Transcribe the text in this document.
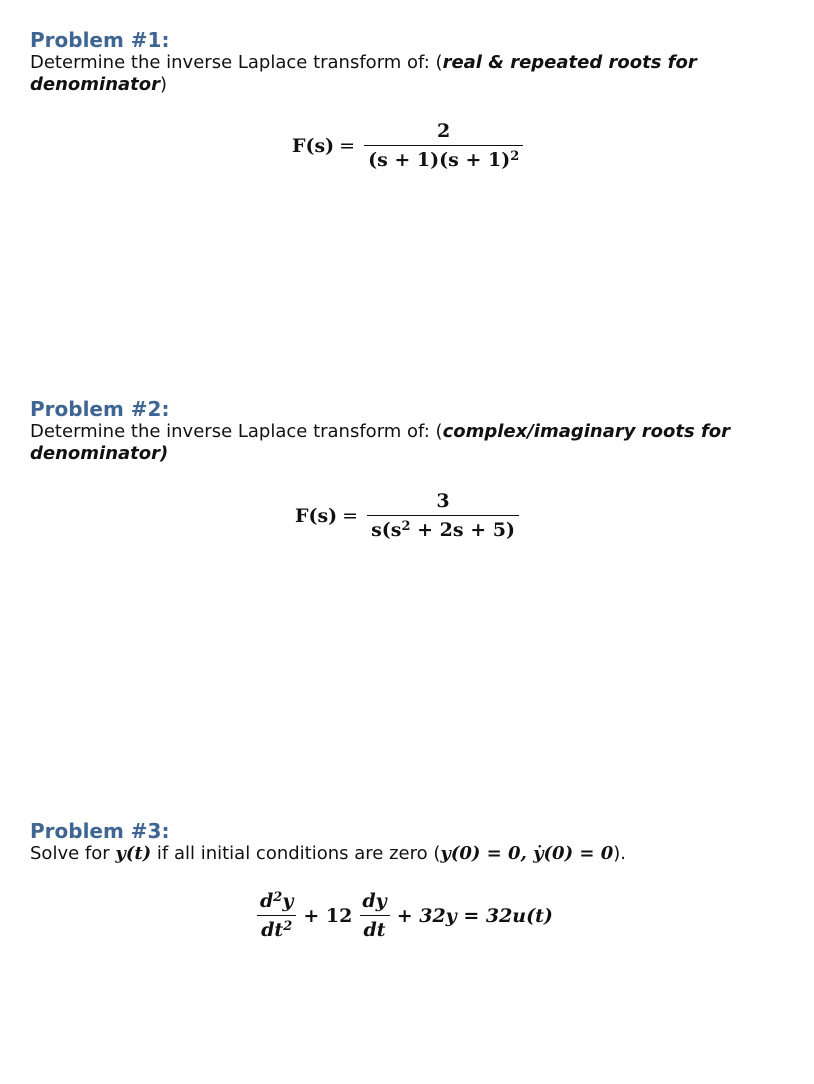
Problem #1:

Determine the inverse Laplace transform of: (real & repeated roots for denominator)

$F(s) = \frac{2}{(s + 1)(s + 1)^2}$

Problem #2:

Determine the inverse Laplace transform of: (complex/imaginary roots for denominator)

$F(s) = \frac{3}{s(s^2 + 2s + 5)}$

Problem #3:

Solve for y(t) if all initial conditions are zero (y(0) = 0, ẏ(0) = 0).

$\frac{d^2y}{dt^2} + 12 \frac{dy}{dt} + 32y = 32u(t)$
